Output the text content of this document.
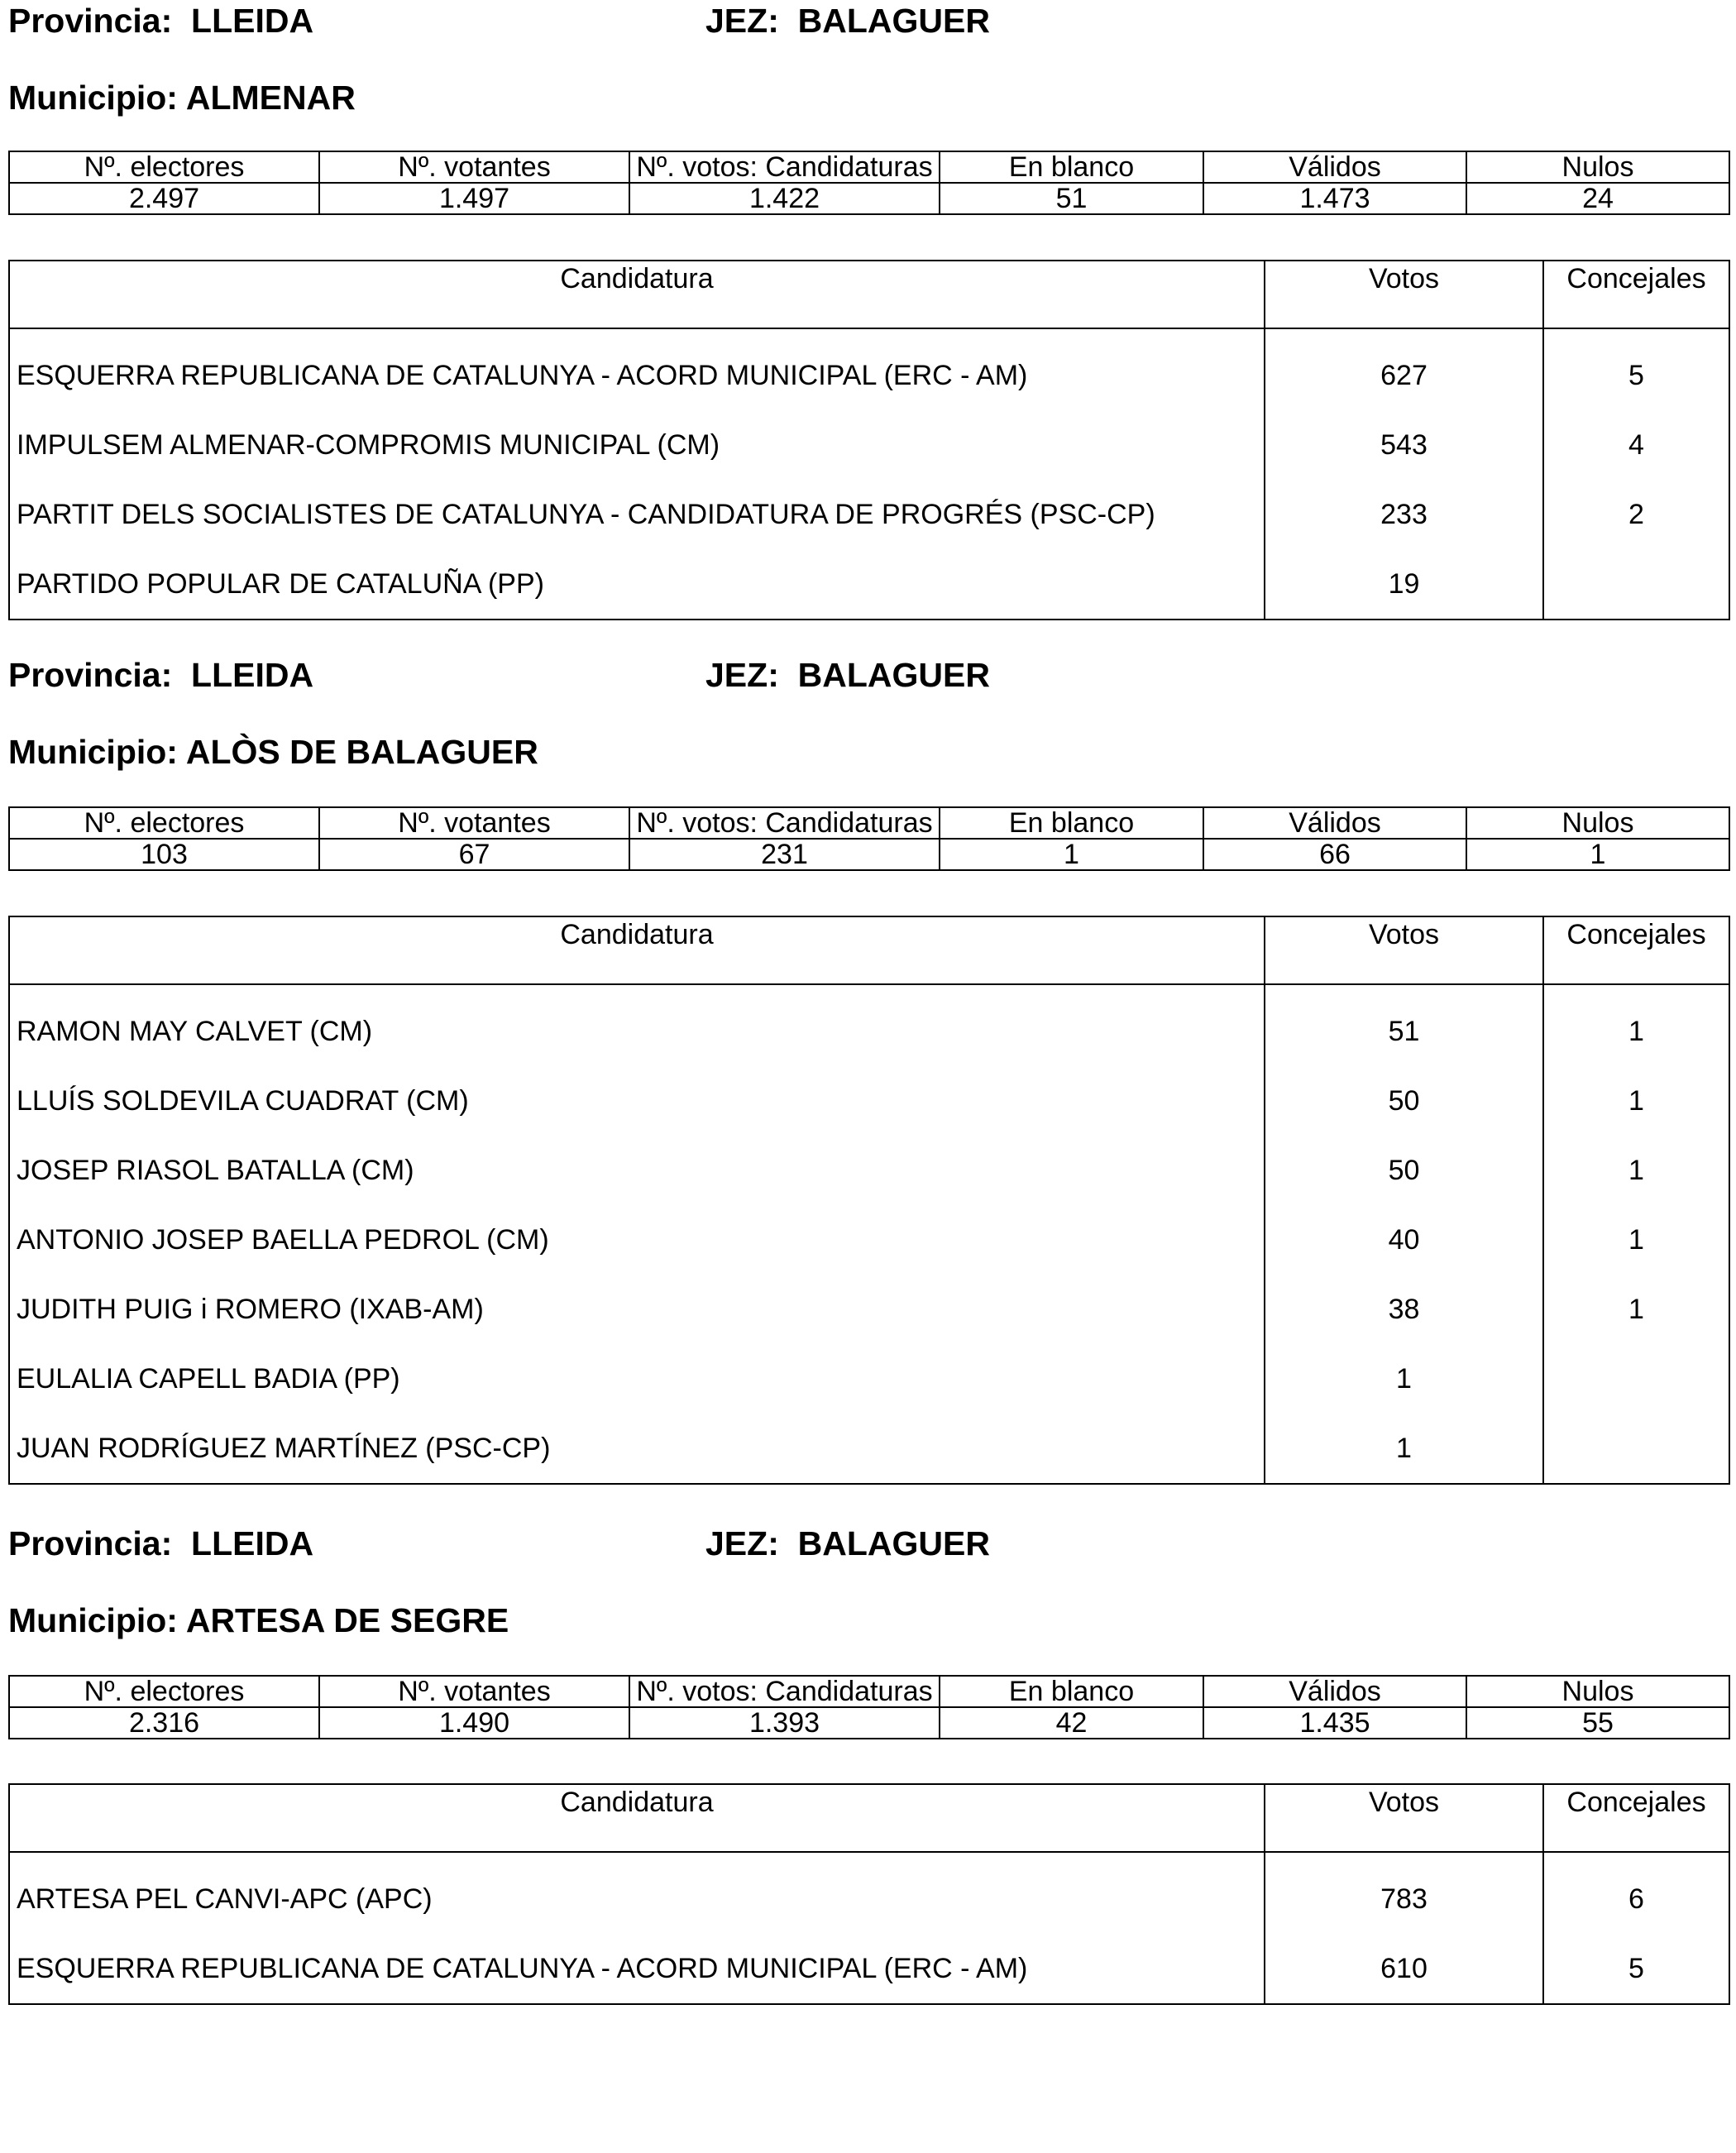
Provincia: LLEIDA	JEZ: BALAGUER
Municipio: ALMENAR
Nº. electores	Nº. votantes	Nº. votos: Candidaturas	En blanco	Válidos	Nulos
2.497	1.497	1.422	51	1.473	24
Candidatura	Votos	Concejales
ESQUERRA REPUBLICANA DE CATALUNYA - ACORD MUNICIPAL (ERC - AM)	627	5
IMPULSEM ALMENAR-COMPROMIS MUNICIPAL (CM)	543	4
PARTIT DELS SOCIALISTES DE CATALUNYA - CANDIDATURA DE PROGRÉS (PSC-CP)	233	2
PARTIDO POPULAR DE CATALUÑA (PP)	19	
Provincia: LLEIDA	JEZ: BALAGUER
Municipio: ALÒS DE BALAGUER
Nº. electores	Nº. votantes	Nº. votos: Candidaturas	En blanco	Válidos	Nulos
103	67	231	1	66	1
Candidatura	Votos	Concejales
RAMON MAY CALVET (CM)	51	1
LLUÍS SOLDEVILA CUADRAT (CM)	50	1
JOSEP RIASOL BATALLA (CM)	50	1
ANTONIO JOSEP BAELLA PEDROL (CM)	40	1
JUDITH PUIG i ROMERO (IXAB-AM)	38	1
EULALIA CAPELL BADIA (PP)	1	
JUAN RODRÍGUEZ MARTÍNEZ (PSC-CP)	1	
Provincia: LLEIDA	JEZ: BALAGUER
Municipio: ARTESA DE SEGRE
Nº. electores	Nº. votantes	Nº. votos: Candidaturas	En blanco	Válidos	Nulos
2.316	1.490	1.393	42	1.435	55
Candidatura	Votos	Concejales
ARTESA PEL CANVI-APC (APC)	783	6
ESQUERRA REPUBLICANA DE CATALUNYA - ACORD MUNICIPAL (ERC - AM)	610	5
